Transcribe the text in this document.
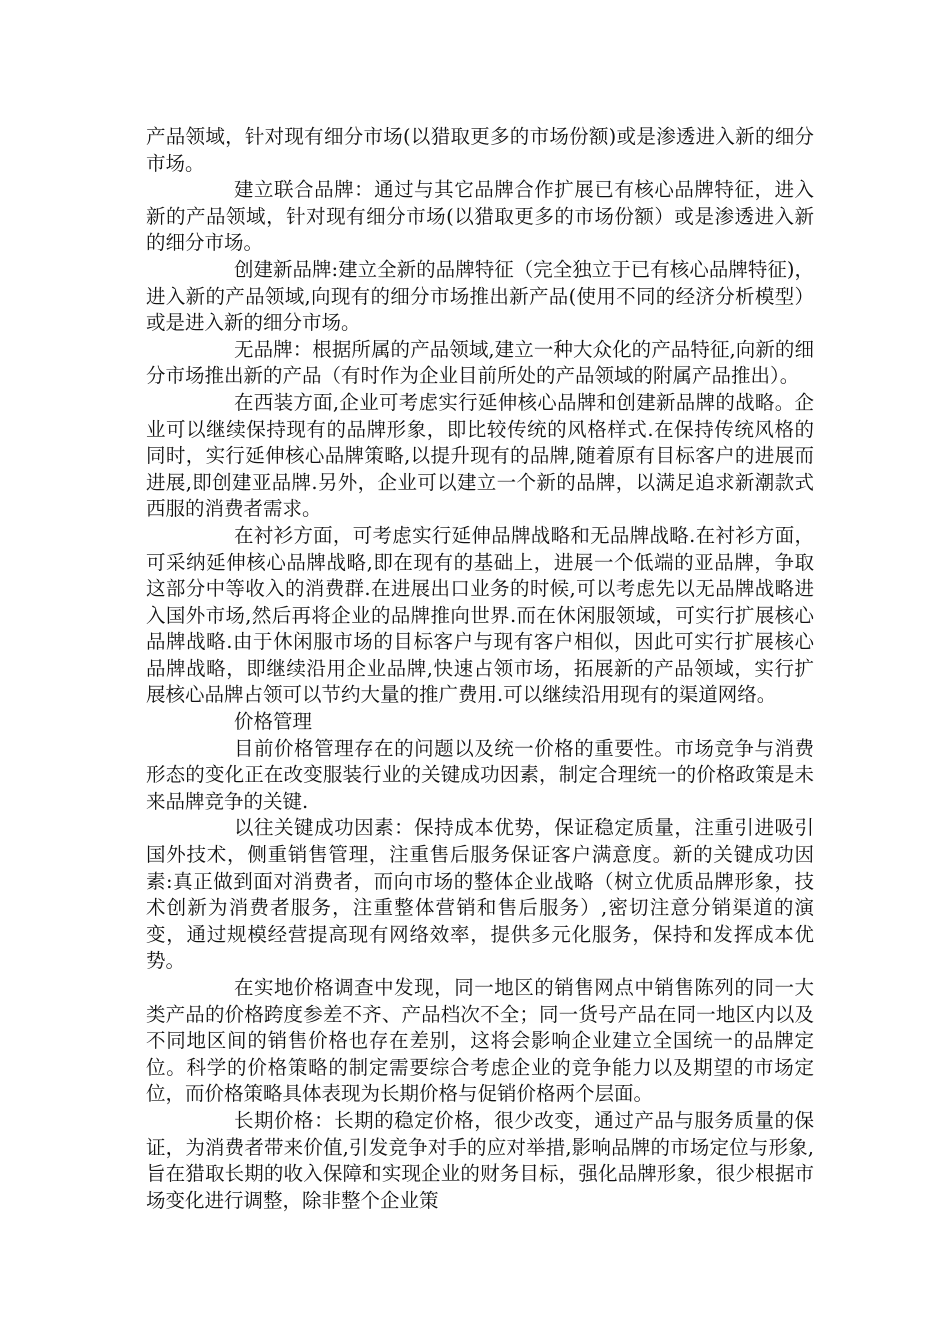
产品领域，针对现有细分市场(以猎取更多的市场份额)或是渗透进入新的细分市场。

建立联合品牌：通过与其它品牌合作扩展已有核心品牌特征，进入新的产品领域，针对现有细分市场(以猎取更多的市场份额）或是渗透进入新的细分市场。

创建新品牌:建立全新的品牌特征（完全独立于已有核心品牌特征)，进入新的产品领域,向现有的细分市场推出新产品(使用不同的经济分析模型）或是进入新的细分市场。

无品牌：根据所属的产品领域,建立一种大众化的产品特征,向新的细分市场推出新的产品（有时作为企业目前所处的产品领域的附属产品推出）。

在西装方面,企业可考虑实行延伸核心品牌和创建新品牌的战略。企业可以继续保持现有的品牌形象，即比较传统的风格样式.在保持传统风格的同时，实行延伸核心品牌策略,以提升现有的品牌,随着原有目标客户的进展而进展,即创建亚品牌.另外，企业可以建立一个新的品牌，以满足追求新潮款式西服的消费者需求。

在衬衫方面，可考虑实行延伸品牌战略和无品牌战略.在衬衫方面，可采纳延伸核心品牌战略,即在现有的基础上，进展一个低端的亚品牌，争取这部分中等收入的消费群.在进展出口业务的时候,可以考虑先以无品牌战略进入国外市场,然后再将企业的品牌推向世界.而在休闲服领域，可实行扩展核心品牌战略.由于休闲服市场的目标客户与现有客户相似，因此可实行扩展核心品牌战略，即继续沿用企业品牌,快速占领市场，拓展新的产品领域，实行扩展核心品牌占领可以节约大量的推广费用.可以继续沿用现有的渠道网络。

价格管理

目前价格管理存在的问题以及统一价格的重要性。市场竞争与消费形态的变化正在改变服装行业的关键成功因素，制定合理统一的价格政策是未来品牌竞争的关键.

以往关键成功因素：保持成本优势，保证稳定质量，注重引进吸引国外技术，侧重销售管理，注重售后服务保证客户满意度。新的关键成功因素:真正做到面对消费者，而向市场的整体企业战略（树立优质品牌形象，技术创新为消费者服务，注重整体营销和售后服务）,密切注意分销渠道的演变，通过规模经营提高现有网络效率，提供多元化服务，保持和发挥成本优势。

在实地价格调查中发现，同一地区的销售网点中销售陈列的同一大类产品的价格跨度参差不齐、产品档次不全；同一货号产品在同一地区内以及不同地区间的销售价格也存在差别，这将会影响企业建立全国统一的品牌定位。科学的价格策略的制定需要综合考虑企业的竞争能力以及期望的市场定位，而价格策略具体表现为长期价格与促销价格两个层面。

长期价格：长期的稳定价格，很少改变，通过产品与服务质量的保证，为消费者带来价值,引发竞争对手的应对举措,影响品牌的市场定位与形象,旨在猎取长期的收入保障和实现企业的财务目标，强化品牌形象，很少根据市场变化进行调整，除非整个企业策
